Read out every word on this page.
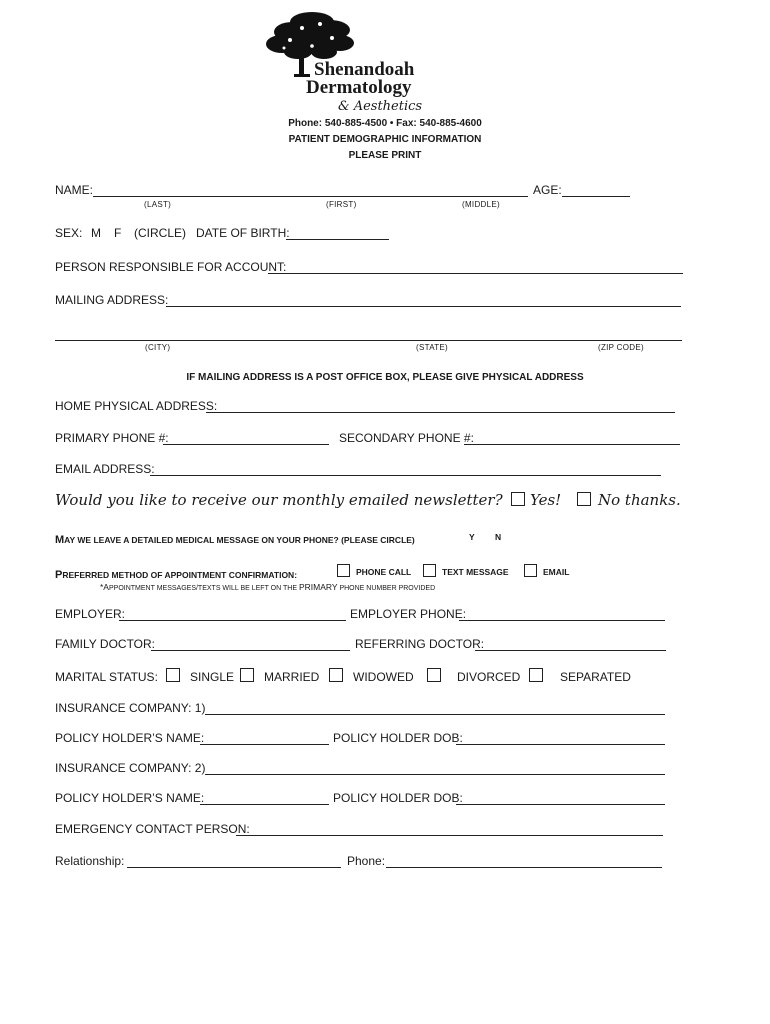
Shenandoah
Dermatology
& Aesthetics
Phone: 540-885-4500 • Fax: 540-885-4600
PATIENT DEMOGRAPHIC INFORMATION
PLEASE PRINT
NAME:	AGE:
(LAST)	(FIRST)	(MIDDLE)
SEX: M F (CIRCLE) DATE OF BIRTH:
PERSON RESPONSIBLE FOR ACCOUNT:
MAILING ADDRESS:
(CITY)	(STATE)	(ZIP CODE)
IF MAILING ADDRESS IS A POST OFFICE BOX, PLEASE GIVE PHYSICAL ADDRESS
HOME PHYSICAL ADDRESS:
PRIMARY PHONE #:	SECONDARY PHONE #:
EMAIL ADDRESS:
Would you like to receive our monthly emailed newsletter? Yes! No thanks.
MAY WE LEAVE A DETAILED MEDICAL MESSAGE ON YOUR PHONE? (PLEASE CIRCLE)	Y N
PREFERRED METHOD OF APPOINTMENT CONFIRMATION:	PHONE CALL	TEXT MESSAGE	EMAIL
*APPOINTMENT MESSAGES/TEXTS WILL BE LEFT ON THE PRIMARY PHONE NUMBER PROVIDED
EMPLOYER:	EMPLOYER PHONE:
FAMILY DOCTOR:	REFERRING DOCTOR:
MARITAL STATUS:	SINGLE MARRIED	WIDOWED	DIVORCED	SEPARATED
INSURANCE COMPANY: 1)
POLICY HOLDER’S NAME:	POLICY HOLDER DOB:
INSURANCE COMPANY: 2)
POLICY HOLDER’S NAME:	POLICY HOLDER DOB:
EMERGENCY CONTACT PERSON:
Relationship:	Phone:
